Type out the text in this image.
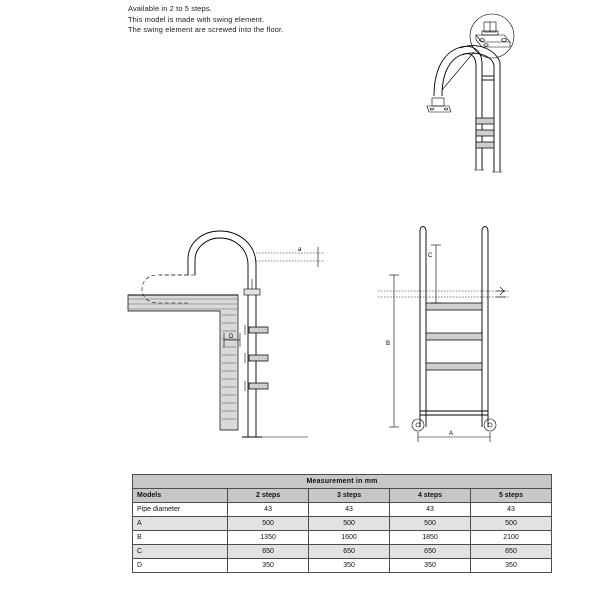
Available in 2 to 5 steps.
This model is made with swing element.
The swing element are screwed into the floor.
a
D
A
B
C
Measurement in mm				
Models	2 steps	3 steps	4 steps	5 steps
Pipe diameter	43	43	43	43
A	500	500	500	500
B	1350	1600	1850	2100
C	650	650	650	650
D	350	350	350	350
